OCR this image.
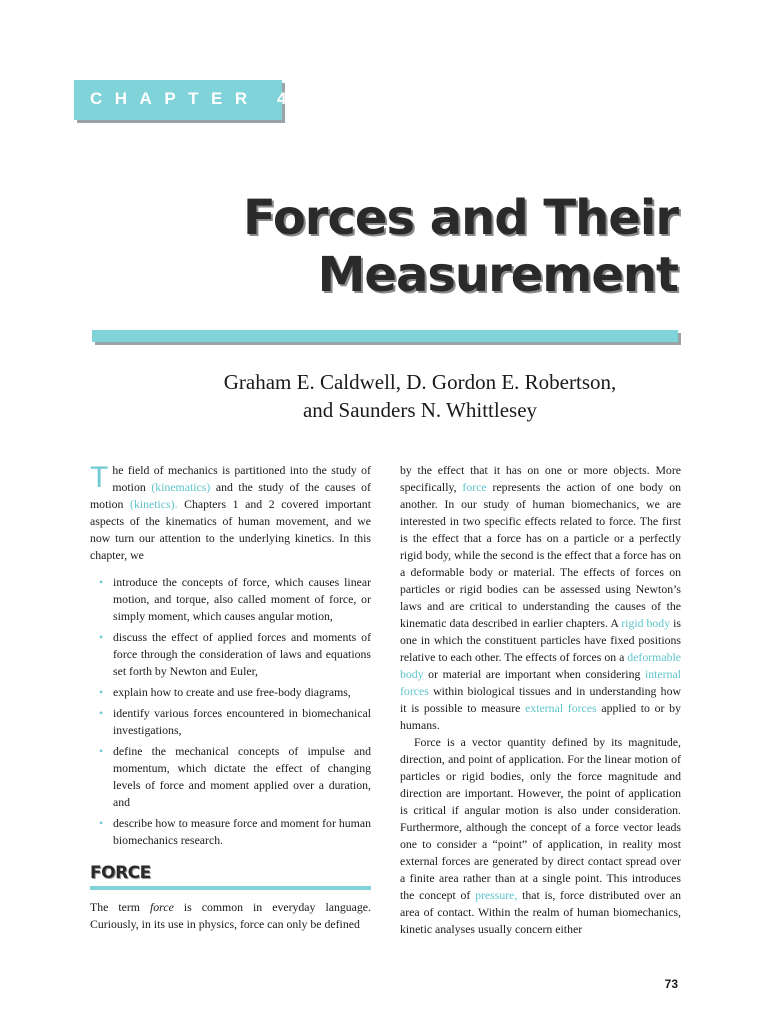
CHAPTER 4
Forces and Their
Measurement
Graham E. Caldwell, D. Gordon E. Robertson,
and Saunders N. Whittlesey

The field of mechanics is partitioned into the study of motion (kinematics) and the study of the causes of motion (kinetics). Chapters 1 and 2 covered important aspects of the kinematics of human movement, and we now turn our attention to the underlying kinetics. In this chapter, we

• introduce the concepts of force, which causes linear motion, and torque, also called moment of force, or simply moment, which causes angular motion,
• discuss the effect of applied forces and moments of force through the consideration of laws and equations set forth by Newton and Euler,
• explain how to create and use free-body diagrams,
• identify various forces encountered in biomechanical investigations,
• define the mechanical concepts of impulse and momentum, which dictate the effect of changing levels of force and moment applied over a duration, and
• describe how to measure force and moment for human biomechanics research.
FORCE

The term force is common in everyday language. Curiously, in its use in physics, force can only be defined

by the effect that it has on one or more objects. More specifically, force represents the action of one body on another. In our study of human biomechanics, we are interested in two specific effects related to force. The first is the effect that a force has on a particle or a perfectly rigid body, while the second is the effect that a force has on a deformable body or material. The effects of forces on particles or rigid bodies can be assessed using Newton’s laws and are critical to understanding the causes of the kinematic data described in earlier chapters. A rigid body is one in which the constituent particles have fixed positions relative to each other. The effects of forces on a deformable body or material are important when considering internal forces within biological tissues and in understanding how it is possible to measure external forces applied to or by humans.

Force is a vector quantity defined by its magnitude, direction, and point of application. For the linear motion of particles or rigid bodies, only the force magnitude and direction are important. However, the point of application is critical if angular motion is also under consideration. Furthermore, although the concept of a force vector leads one to consider a “point” of application, in reality most external forces are generated by direct contact spread over a finite area rather than at a single point. This introduces the concept of pressure, that is, force distributed over an area of contact. Within the realm of human biomechanics, kinetic analyses usually concern either

73
